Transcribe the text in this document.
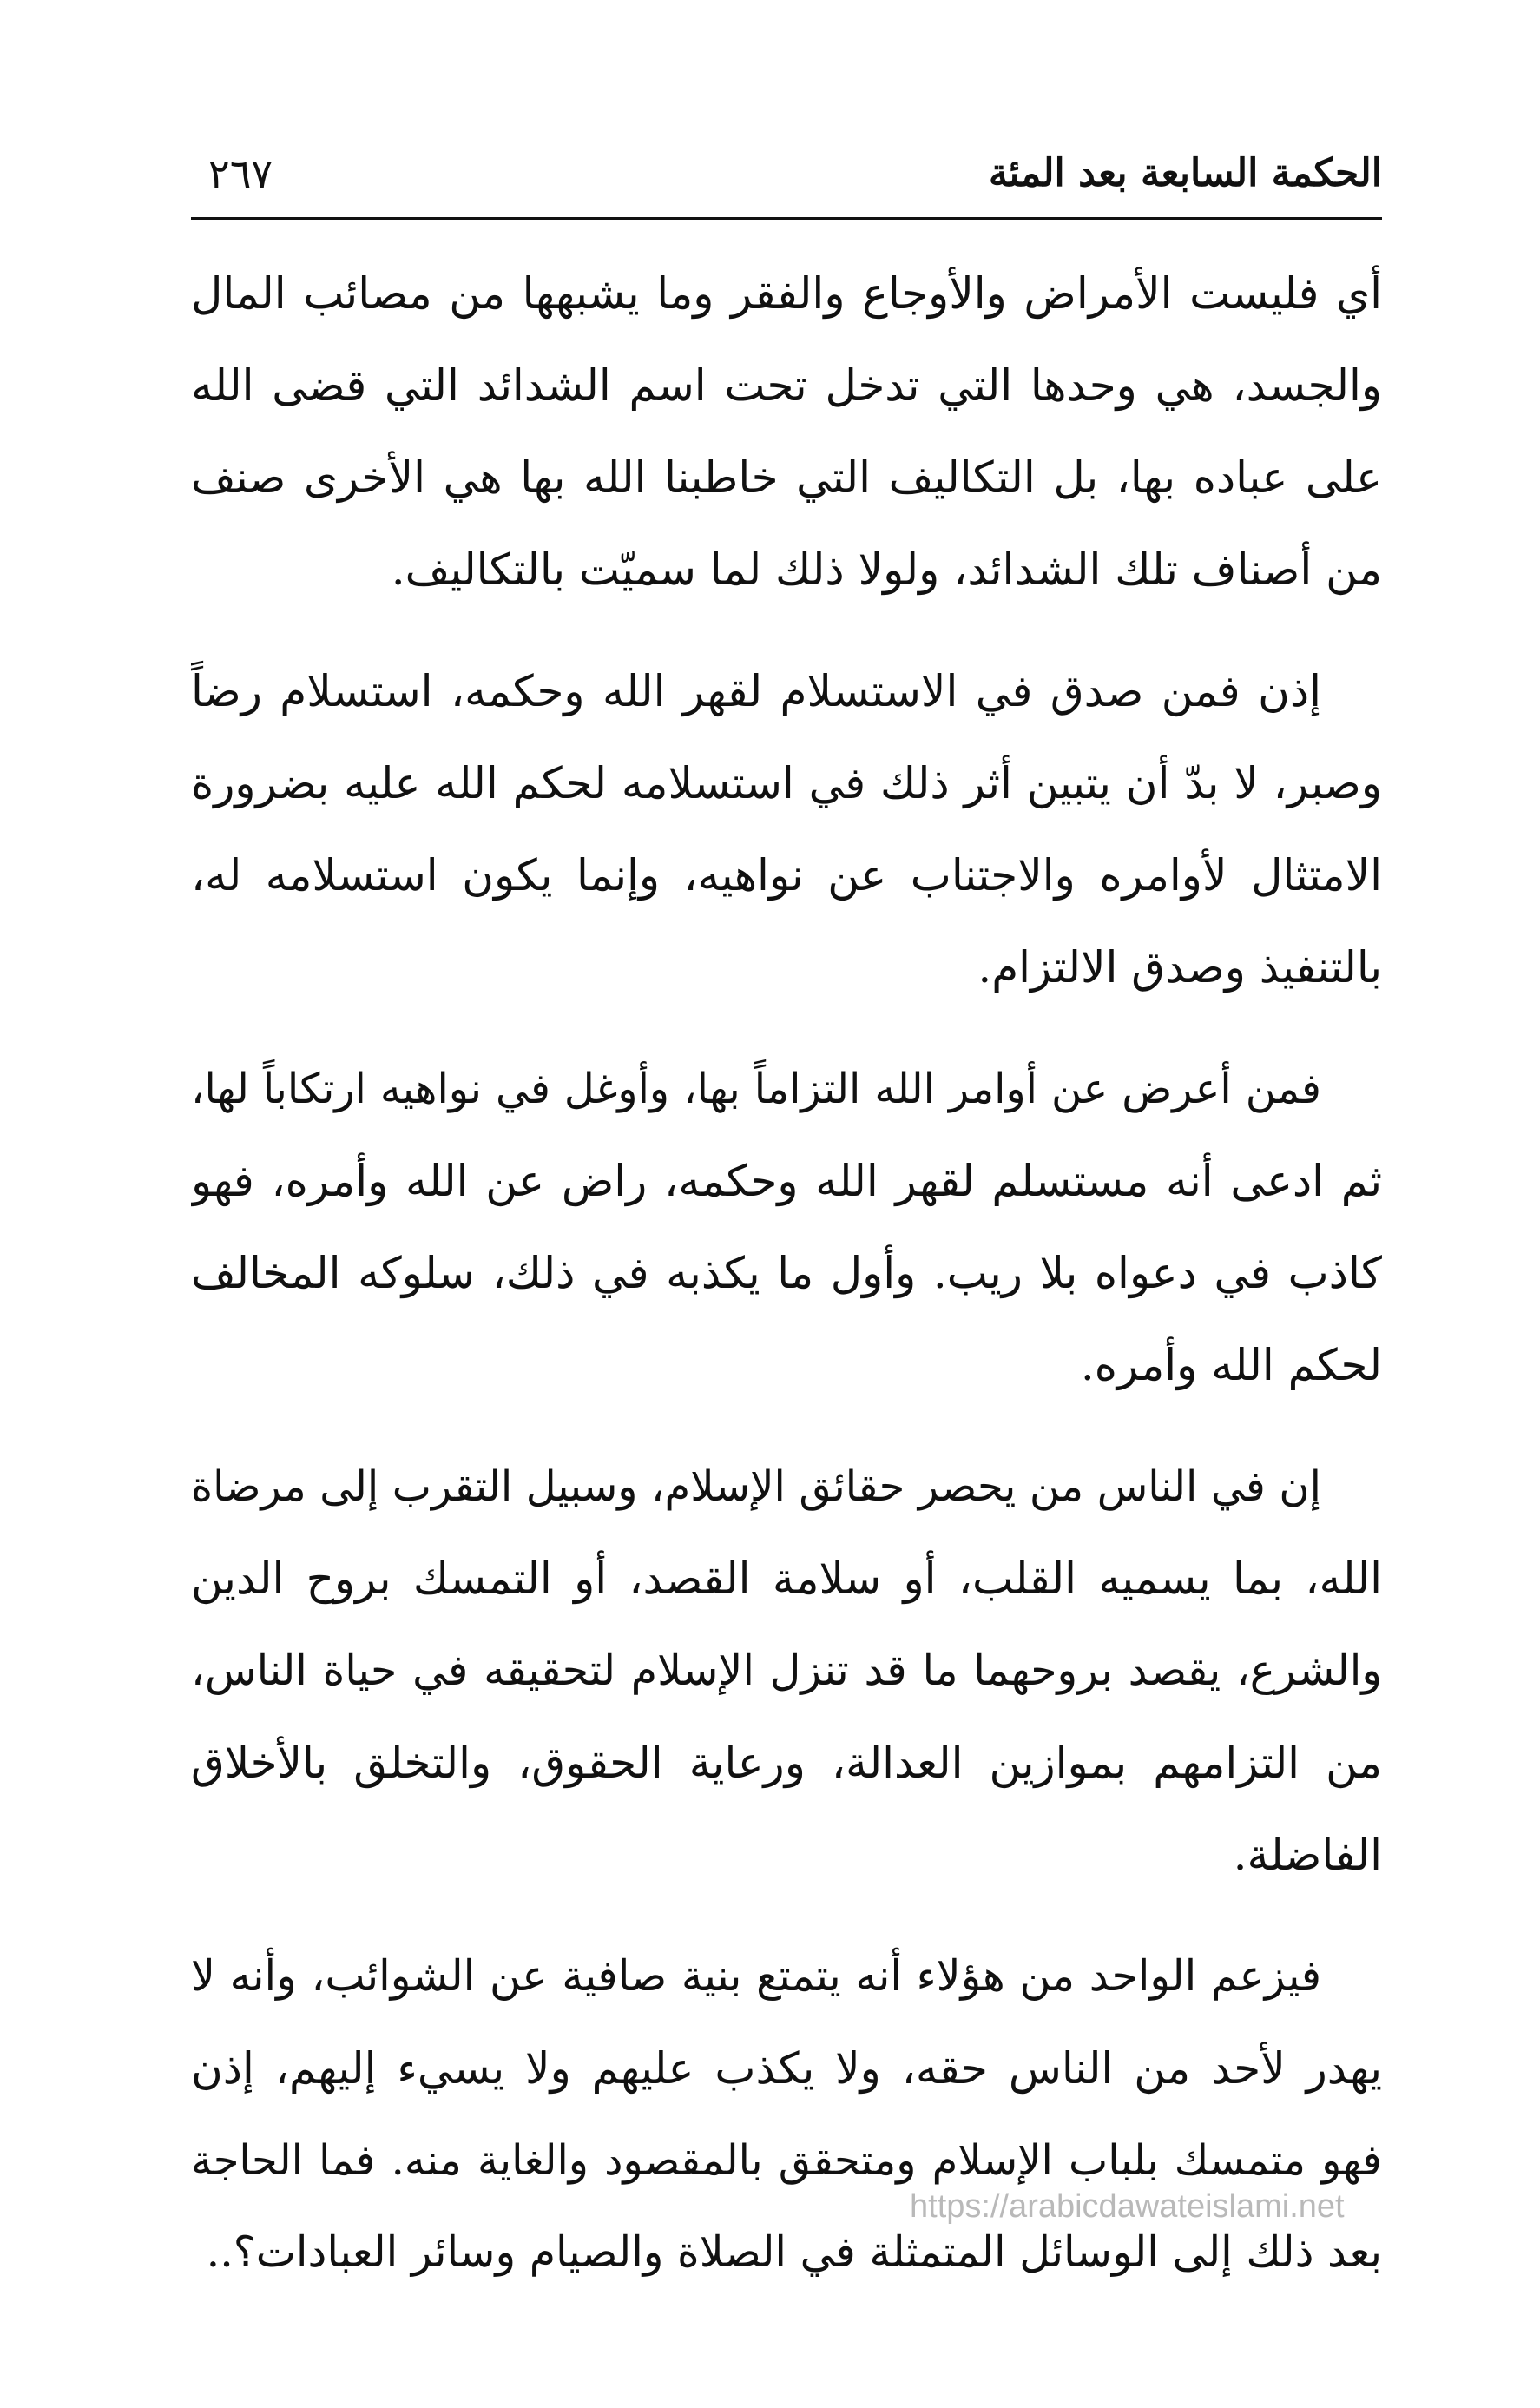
الحكمة السابعة بعد المئة
٢٦٧
أي فليست الأمراض والأوجاع والفقر وما يشبهها من مصائب المال
والجسد، هي وحدها التي تدخل تحت اسم الشدائد التي قضى الله
على عباده بها، بل التكاليف التي خاطبنا الله بها هي الأخرى صنف
من أصناف تلك الشدائد، ولولا ذلك لما سميّت بالتكاليف.
إذن فمن صدق في الاستسلام لقهر الله وحكمه، استسلام رضاً
وصبر، لا بدّ أن يتبين أثر ذلك في استسلامه لحكم الله عليه بضرورة
الامتثال لأوامره والاجتناب عن نواهيه، وإنما يكون استسلامه له،
بالتنفيذ وصدق الالتزام.
فمن أعرض عن أوامر الله التزاماً بها، وأوغل في نواهيه ارتكاباً لها،
ثم ادعى أنه مستسلم لقهر الله وحكمه، راض عن الله وأمره، فهو
كاذب في دعواه بلا ريب. وأول ما يكذبه في ذلك، سلوكه المخالف
لحكم الله وأمره.
إن في الناس من يحصر حقائق الإسلام، وسبيل التقرب إلى مرضاة
الله، بما يسميه القلب، أو سلامة القصد، أو التمسك بروح الدين
والشرع، يقصد بروحهما ما قد تنزل الإسلام لتحقيقه في حياة الناس،
من التزامهم بموازين العدالة، ورعاية الحقوق، والتخلق بالأخلاق
الفاضلة.
فيزعم الواحد من هؤلاء أنه يتمتع بنية صافية عن الشوائب، وأنه لا
يهدر لأحد من الناس حقه، ولا يكذب عليهم ولا يسيء إليهم، إذن
فهو متمسك بلباب الإسلام ومتحقق بالمقصود والغاية منه. فما الحاجة
بعد ذلك إلى الوسائل المتمثلة في الصلاة والصيام وسائر العبادات؟..
https://arabicdawateislami.net
